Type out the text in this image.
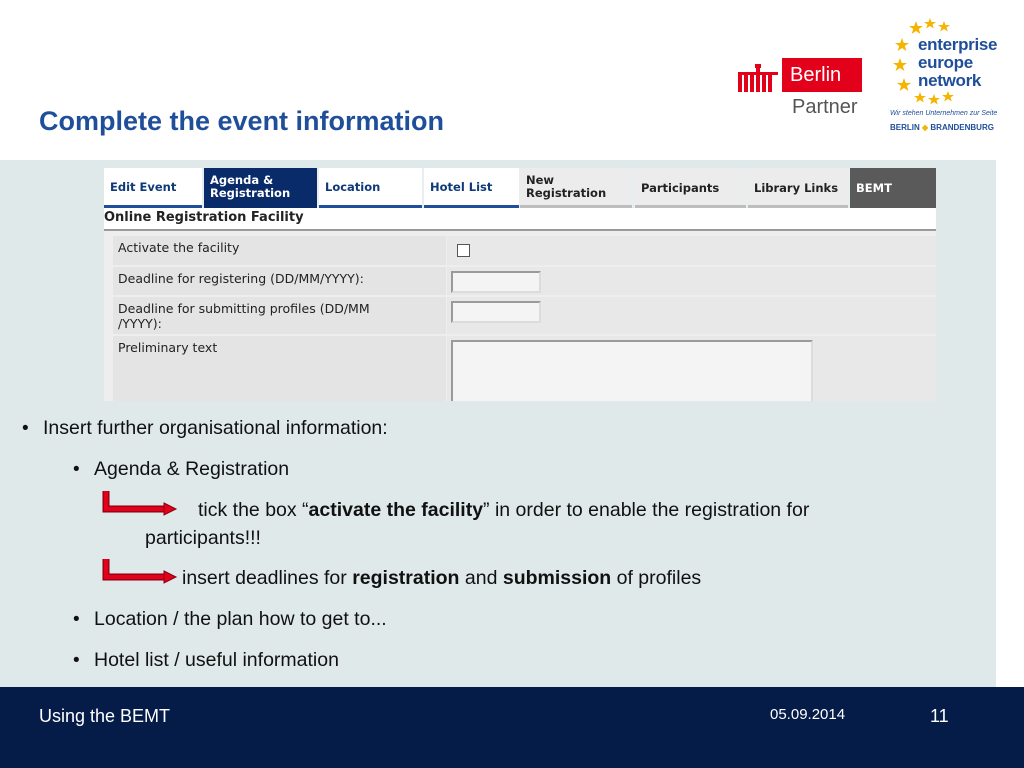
Complete the event information
Berlin
Partner
enterprise
europe
network
Wir stehen Unternehmen zur Seite
BERLIN ◆ BRANDENBURG
Edit Event	Agenda & Registration	Location	Hotel List	New Registration	Participants	Library Links	BEMT
Online Registration Facility
Activate the facility
Deadline for registering (DD/MM/YYYY):
Deadline for submitting profiles (DD/MM /YYYY):
Preliminary text
• Insert further organisational information:
• Agenda & Registration
tick the box “activate the facility” in order to enable the registration for
participants!!!
insert deadlines for registration and submission of profiles
• Location / the plan how to get to...
• Hotel list / useful information
Using the BEMT	05.09.2014	11
